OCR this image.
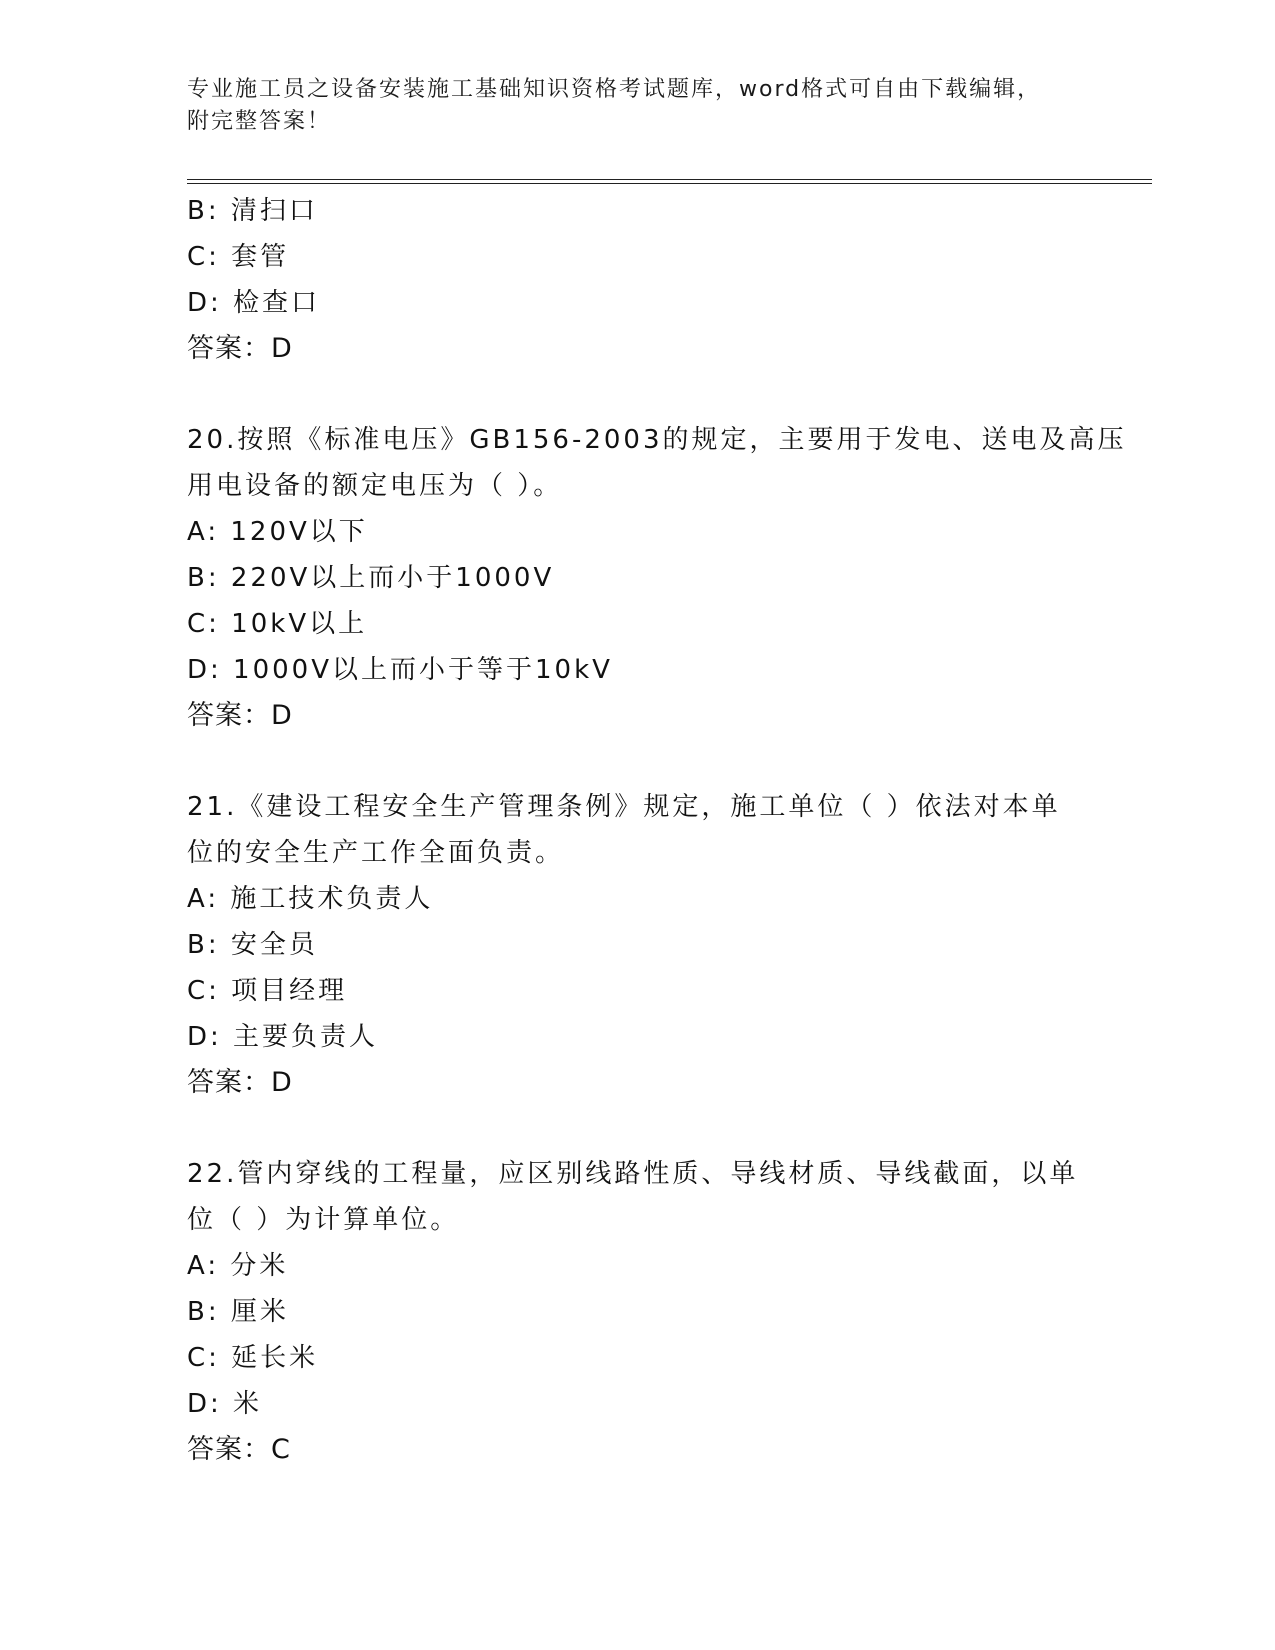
专业施工员之设备安装施工基础知识资格考试题库，word格式可自由下载编辑，
附完整答案！
B: 清扫口
C: 套管
D: 检查口
答案：D
20.按照《标准电压》GB156-2003的规定，主要用于发电、送电及高压
用电设备的额定电压为（ ）。
A: 120V以下
B: 220V以上而小于1000V
C: 10kV以上
D: 1000V以上而小于等于10kV
答案：D
21.《建设工程安全生产管理条例》规定，施工单位（ ）依法对本单
位的安全生产工作全面负责。
A: 施工技术负责人
B: 安全员
C: 项目经理
D: 主要负责人
答案：D
22.管内穿线的工程量，应区别线路性质、导线材质、导线截面，以单
位（ ）为计算单位。
A: 分米
B: 厘米
C: 延长米
D: 米
答案：C
